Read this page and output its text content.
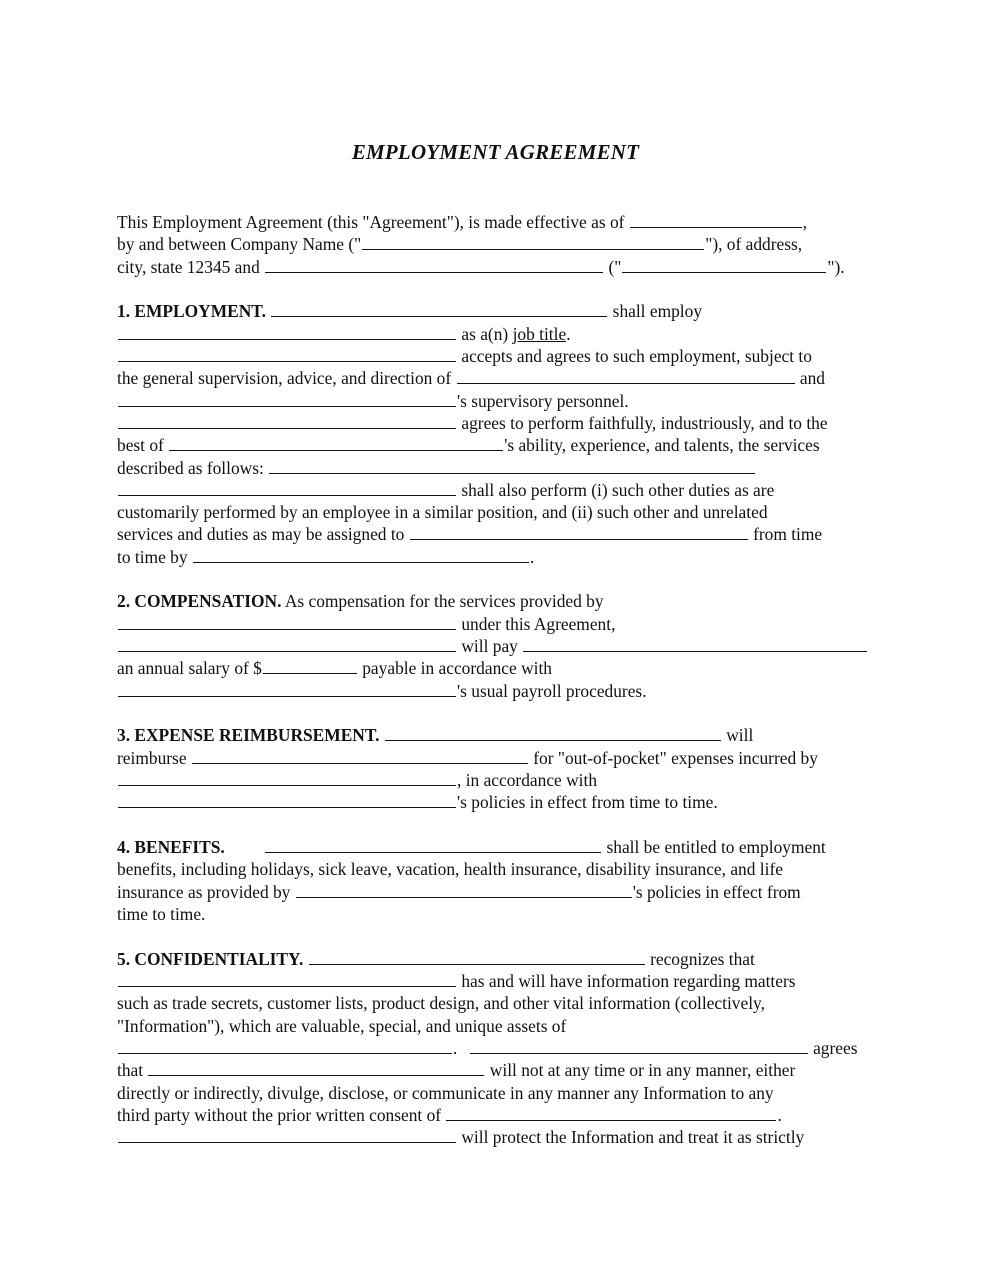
EMPLOYMENT AGREEMENT
This Employment Agreement (this "Agreement"), is made effective as of	,
by and between Company Name ("	"), of address,
city, state 12345 and	("	").
1. EMPLOYMENT.	shall employ
as a(n) job title.
accepts and agrees to such employment, subject to
the general supervision, advice, and direction of	and
's supervisory personnel.
agrees to perform faithfully, industriously, and to the
best of	's ability, experience, and talents, the services
described as follows:
shall also perform (i) such other duties as are
customarily performed by an employee in a similar position, and (ii) such other and unrelated
services and duties as may be assigned to	from time
to time by	.
2. COMPENSATION. As compensation for the services provided by
under this Agreement,
will pay
an annual salary of $	payable in accordance with
's usual payroll procedures.
3. EXPENSE REIMBURSEMENT.	will
reimburse	for "out-of-pocket" expenses incurred by
, in accordance with
's policies in effect from time to time.
4. BENEFITS.	shall be entitled to employment
benefits, including holidays, sick leave, vacation, health insurance, disability insurance, and life
insurance as provided by	's policies in effect from
time to time.
5. CONFIDENTIALITY.	recognizes that
has and will have information regarding matters
such as trade secrets, customer lists, product design, and other vital information (collectively,
"Information"), which are valuable, special, and unique assets of
.	agrees
that	will not at any time or in any manner, either
directly or indirectly, divulge, disclose, or communicate in any manner any Information to any
third party without the prior written consent of	.
will protect the Information and treat it as strictly
